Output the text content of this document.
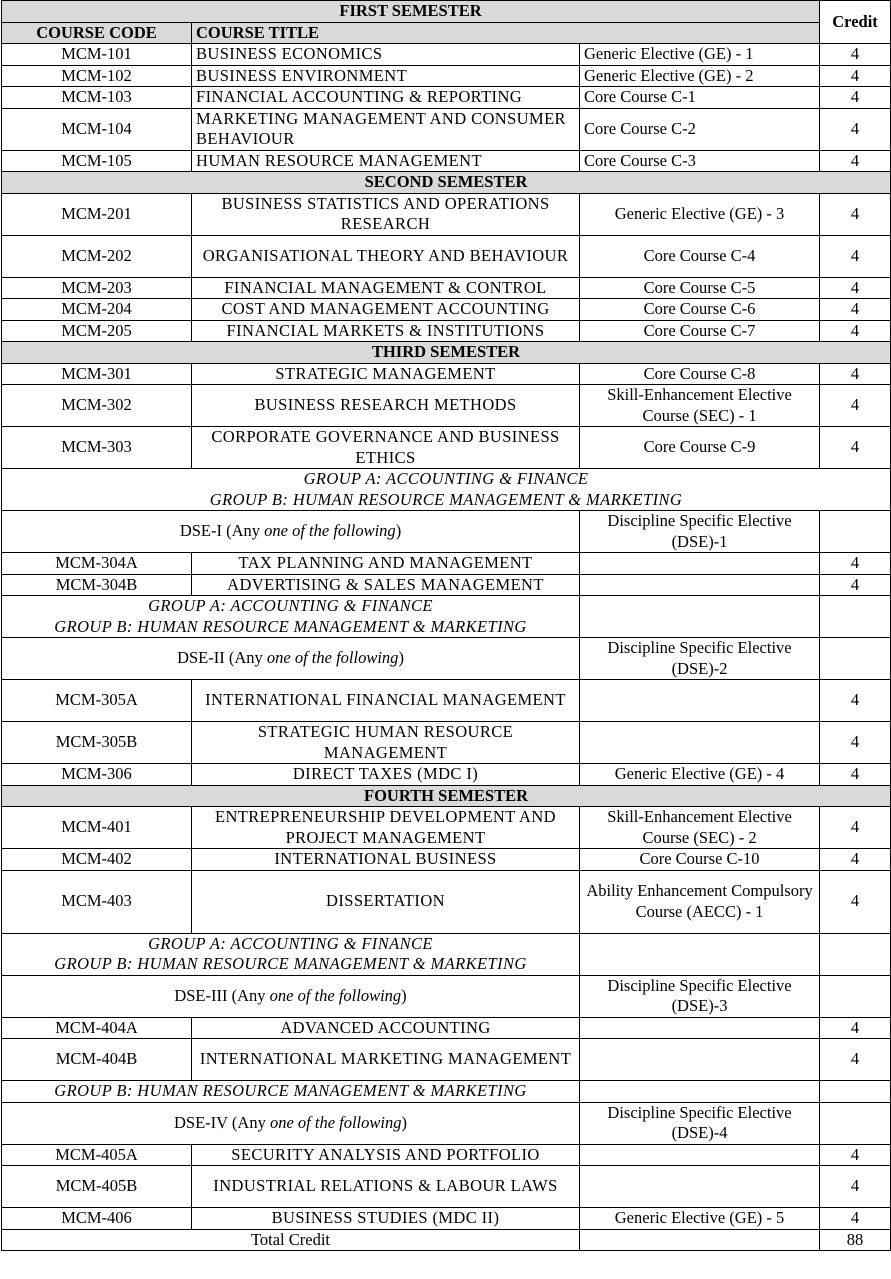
FIRST SEMESTER			Credit
COURSE CODE	COURSE TITLE		
MCM-101	BUSINESS ECONOMICS	Generic Elective (GE) - 1	4
MCM-102	BUSINESS ENVIRONMENT	Generic Elective (GE) - 2	4
MCM-103	FINANCIAL ACCOUNTING & REPORTING	Core Course C-1	4
MCM-104	MARKETING MANAGEMENT AND CONSUMER BEHAVIOUR	Core Course C-2	4
MCM-105	HUMAN RESOURCE MANAGEMENT	Core Course C-3	4
SECOND SEMESTER			
MCM-201	BUSINESS STATISTICS AND OPERATIONS RESEARCH	Generic Elective (GE) - 3	4
MCM-202	ORGANISATIONAL THEORY AND BEHAVIOUR	Core Course C-4	4
MCM-203	FINANCIAL MANAGEMENT & CONTROL	Core Course C-5	4
MCM-204	COST AND MANAGEMENT ACCOUNTING	Core Course C-6	4
MCM-205	FINANCIAL MARKETS & INSTITUTIONS	Core Course C-7	4
THIRD SEMESTER			
MCM-301	STRATEGIC MANAGEMENT	Core Course C-8	4
MCM-302	BUSINESS RESEARCH METHODS	Skill-Enhancement Elective Course (SEC) - 1	4
MCM-303	CORPORATE GOVERNANCE AND BUSINESS ETHICS	Core Course C-9	4
GROUP A: ACCOUNTING & FINANCE
GROUP B: HUMAN RESOURCE MANAGEMENT & MARKETING			
DSE-I (Any one of the following)		Discipline Specific Elective (DSE)-1	
MCM-304A	TAX PLANNING AND MANAGEMENT		4
MCM-304B	ADVERTISING & SALES MANAGEMENT		4
GROUP A: ACCOUNTING & FINANCE
GROUP B: HUMAN RESOURCE MANAGEMENT & MARKETING			
DSE-II (Any one of the following)		Discipline Specific Elective (DSE)-2	
MCM-305A	INTERNATIONAL FINANCIAL MANAGEMENT		4
MCM-305B	STRATEGIC HUMAN RESOURCE MANAGEMENT		4
MCM-306	DIRECT TAXES (MDC I)	Generic Elective (GE) - 4	4
FOURTH SEMESTER			
MCM-401	ENTREPRENEURSHIP DEVELOPMENT AND PROJECT MANAGEMENT	Skill-Enhancement Elective Course (SEC) - 2	4
MCM-402	INTERNATIONAL BUSINESS	Core Course C-10	4
MCM-403	DISSERTATION	Ability Enhancement Compulsory Course (AECC) - 1	4
GROUP A: ACCOUNTING & FINANCE
GROUP B: HUMAN RESOURCE MANAGEMENT & MARKETING			
DSE-III (Any one of the following)		Discipline Specific Elective (DSE)-3	
MCM-404A	ADVANCED ACCOUNTING		4
MCM-404B	INTERNATIONAL MARKETING MANAGEMENT		4
GROUP B: HUMAN RESOURCE MANAGEMENT & MARKETING			
DSE-IV (Any one of the following)		Discipline Specific Elective (DSE)-4	
MCM-405A	SECURITY ANALYSIS AND PORTFOLIO		4
MCM-405B	INDUSTRIAL RELATIONS & LABOUR LAWS		4
MCM-406	BUSINESS STUDIES (MDC II)	Generic Elective (GE) - 5	4
Total Credit			88
